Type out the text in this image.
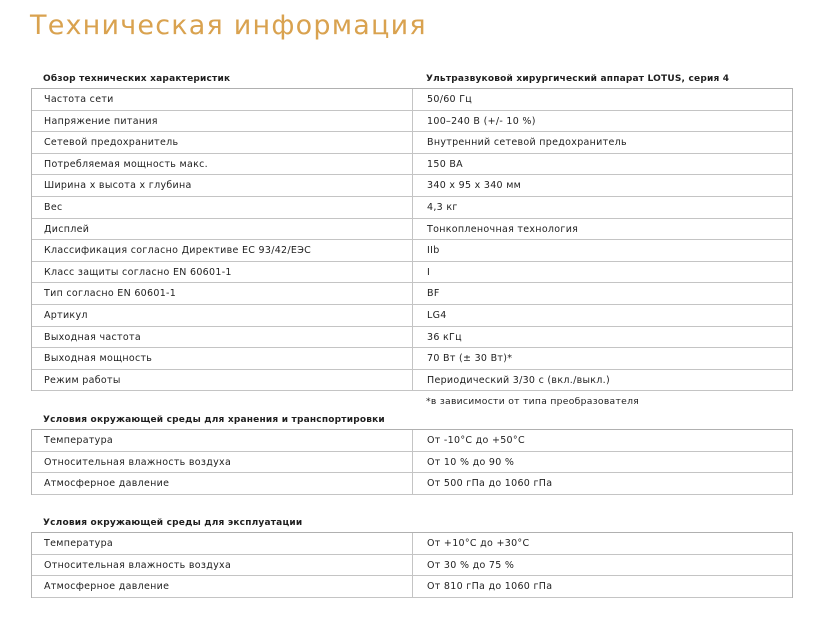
Техническая информация
Обзор технических характеристик	Ультразвуковой хирургический аппарат LOTUS, серия 4
Частота сети	50/60 Гц
Напряжение питания	100–240 В (+/- 10 %)
Сетевой предохранитель	Внутренний сетевой предохранитель
Потребляемая мощность макс.	150 ВА
Ширина х высота х глубина	340 х 95 х 340 мм
Вес	4,3 кг
Дисплей	Тонкопленочная технология
Классификация согласно Директиве ЕС 93/42/ЕЭС	IIb
Класс защиты согласно EN 60601-1	I
Тип согласно EN 60601-1	BF
Артикул	LG4
Выходная частота	36 кГц
Выходная мощность	70 Вт (± 30 Вт)*
Режим работы	Периодический 3/30 с (вкл./выкл.)
*в зависимости от типа преобразователя
Условия окружающей среды для хранения и транспортировки
Температура	От -10°C до +50°C
Относительная влажность воздуха	От 10 % до 90 %
Атмосферное давление	От 500 гПа до 1060 гПа
Условия окружающей среды для эксплуатации
Температура	От +10°C до +30°C
Относительная влажность воздуха	От 30 % до 75 %
Атмосферное давление	От 810 гПа до 1060 гПа
